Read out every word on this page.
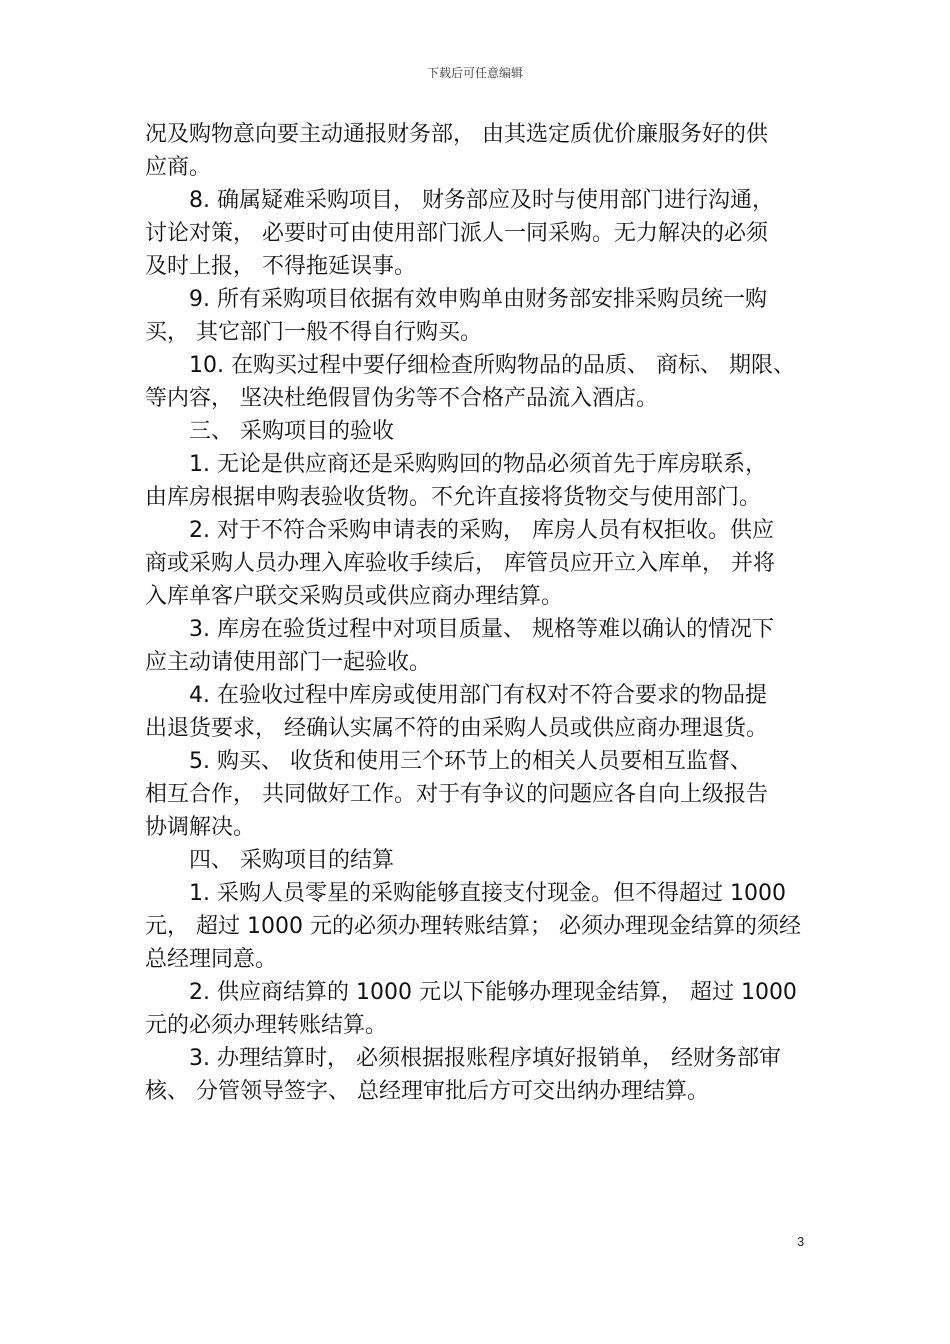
下载后可任意编辑
况及购物意向要主动通报财务部， 由其选定质优价廉服务好的供
应商。
8. 确属疑难采购项目， 财务部应及时与使用部门进行沟通，
讨论对策， 必要时可由使用部门派人一同采购。无力解决的必须
及时上报， 不得拖延误事。
9. 所有采购项目依据有效申购单由财务部安排采购员统一购
买， 其它部门一般不得自行购买。
10. 在购买过程中要仔细检查所购物品的品质、 商标、 期限、
等内容， 坚决杜绝假冒伪劣等不合格产品流入酒店。
三、 采购项目的验收
1. 无论是供应商还是采购购回的物品必须首先于库房联系，
由库房根据申购表验收货物。不允许直接将货物交与使用部门。
2. 对于不符合采购申请表的采购， 库房人员有权拒收。供应
商或采购人员办理入库验收手续后， 库管员应开立入库单， 并将
入库单客户联交采购员或供应商办理结算。
3. 库房在验货过程中对项目质量、 规格等难以确认的情况下
应主动请使用部门一起验收。
4. 在验收过程中库房或使用部门有权对不符合要求的物品提
出退货要求， 经确认实属不符的由采购人员或供应商办理退货。
5. 购买、 收货和使用三个环节上的相关人员要相互监督、
相互合作， 共同做好工作。对于有争议的问题应各自向上级报告
协调解决。
四、 采购项目的结算
1. 采购人员零星的采购能够直接支付现金。但不得超过 1000
元， 超过 1000 元的必须办理转账结算； 必须办理现金结算的须经
总经理同意。
2. 供应商结算的 1000 元以下能够办理现金结算， 超过 1000
元的必须办理转账结算。
3. 办理结算时， 必须根据报账程序填好报销单， 经财务部审
核、 分管领导签字、 总经理审批后方可交出纳办理结算。
3
